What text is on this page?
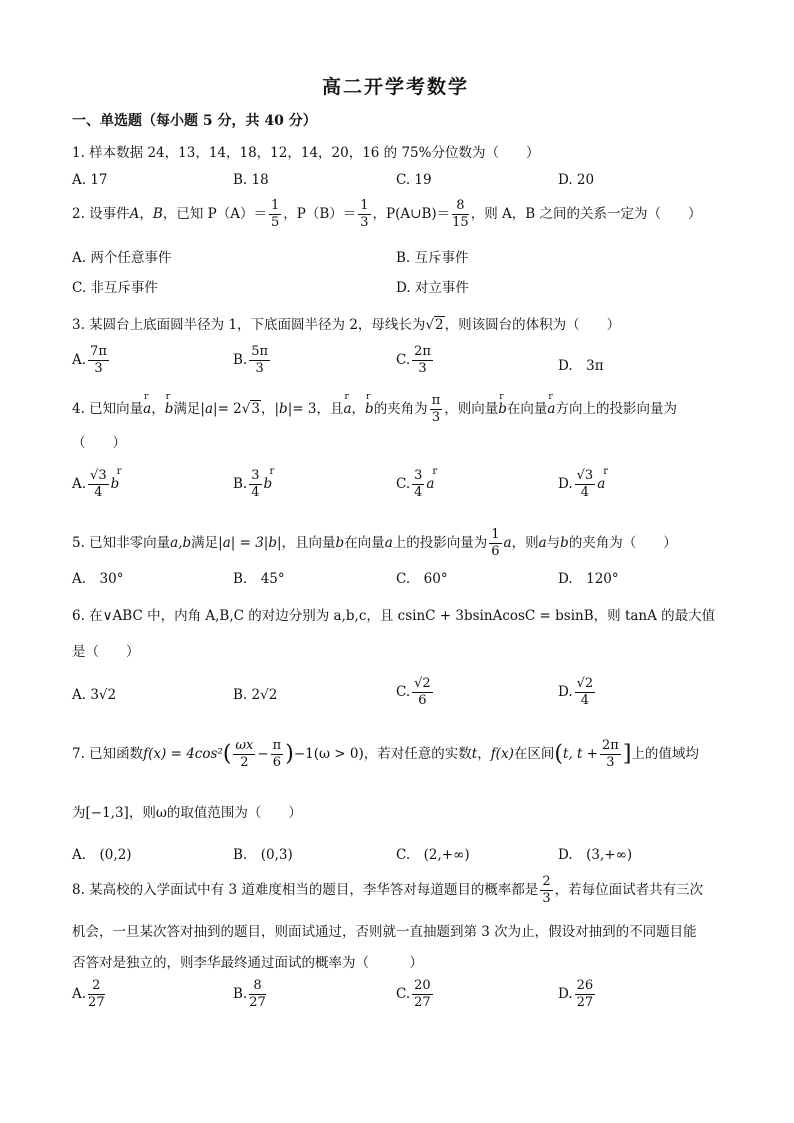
高二开学考数学
一、单选题（每小题 5 分，共 40 分）
1. 样本数据 24，13，14，18，12，14，20，16 的 75%分位数为（　　）
A. 17	B. 18	C. 19	D. 20
2. 设事件A，B，已知 $P(A)= \frac{1}{5}$ ，$P(B)= \frac{1}{3}$ ，P(A∪B)＝ $\frac{8}{15}$ ，则 A，B 之间的关系一定为（　　）
A. 两个任意事件	B. 互斥事件
C. 非互斥事件	D. 对立事件
3. 某圆台上底面圆半径为 1，下底面圆半径为 2，母线长为√2，则该圆台的体积为（　　）
A. $\frac{7\pi}{3}$	B. $\frac{5\pi}{3}$	C. $\frac{2\pi}{3}$	D.　3π
4. 已知向量
r
a，
r
b满足|a|= 2√3，|b|= 3，且
r
a，
r
b的夹角为 $\frac{\pi}{3}$ ，则向量
r
b在向量
r
a方向上的投影向量为
（　　）
A. $\frac{√3}{4}$ r
b	B. $\frac{3}{4}$ r
b	C. $\frac{3}{4}$ r
a	D. $\frac{√3}{4}$ r
a
5. 已知非零向量a,b满足|a| = 3|b|，且向量b在向量a上的投影向量为 $\frac{1}{6}$ a，则a与b的夹角为（　　）
A.　30°	B.　45°	C.　60°	D.　120°
6. 在∨ABC 中，内角 A,B,C 的对边分别为 a,b,c，且 csinC + 3bsinAcosC = bsinB，则 tanA 的最大值
是（　　）
A. 3√2	B. 2√2	C. $\frac{√2}{6}$	D. $\frac{√2}{4}$
7. 已知函数$f(x) = 4\cos^2( \frac{\omega x}{2} - \frac{\pi}{6} )-1(\omega > 0)$，若对任意的实数t，f(x)在区间(t, $t + \frac{2\pi}{3}$ ]上的值域均
为[−1,3]，则ω的取值范围为（　　）
A.　(0,2)	B.　(0,3)	C.　(2,+∞)	D.　(3,+∞)
8. 某高校的入学面试中有 3 道难度相当的题目，李华答对每道题目的概率都是 $\frac{2}{3}$ ，若每位面试者共有三次
机会，一旦某次答对抽到的题目，则面试通过，否则就一直抽题到第 3 次为止，假设对抽到的不同题目能
否答对是独立的，则李华最终通过面试的概率为（　　　）
A. $\frac{2}{27}$	B. $\frac{8}{27}$	C. $\frac{20}{27}$	D. $\frac{26}{27}$
